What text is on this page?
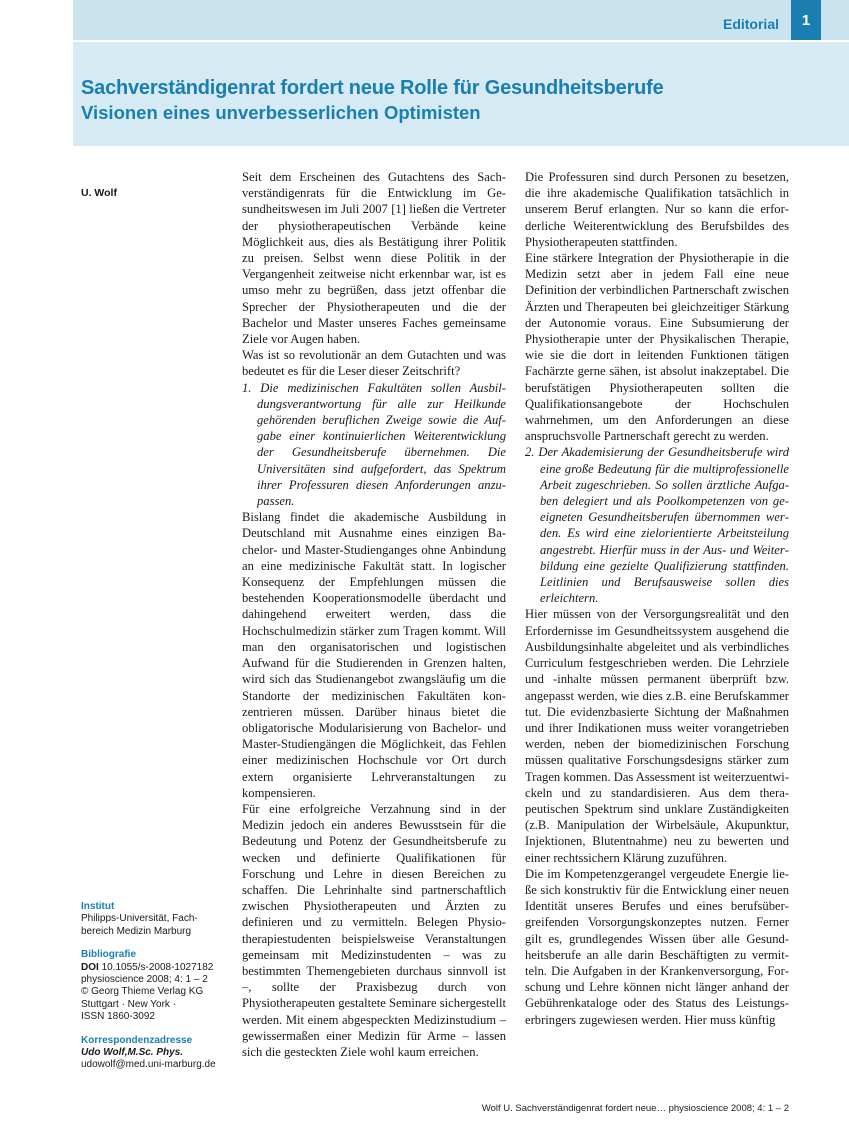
Editorial	1
Sachverständigenrat fordert neue Rolle für Gesundheitsberufe
Visionen eines unverbesserlichen Optimisten
U. Wolf
Institut
Philipps-Universität, Fach-
bereich Medizin Marburg
Bibliografie
DOI 10.1055/s-2008-1027182
physioscience 2008; 4: 1 – 2
© Georg Thieme Verlag KG
Stuttgart · New York ·
ISSN 1860-3092
Korrespondenzadresse
Udo Wolf,M.Sc. Phys.
udowolf@med.uni-marburg.de

Seit dem Erscheinen des Gutachtens des Sachverständigenrats für die Entwicklung im Gesundheitswesen im Juli 2007 [1] ließen die Vertreter der physiotherapeutischen Verbände keine Möglichkeit aus, dies als Bestätigung ihrer Politik zu preisen. Selbst wenn diese Politik in der Vergangenheit zeitweise nicht erkennbar war, ist es umso mehr zu begrüßen, dass jetzt offenbar die Sprecher der Physiotherapeuten und die der Bachelor und Master unseres Faches gemeinsame Ziele vor Augen haben.

Was ist so revolutionär an dem Gutachten und was bedeutet es für die Leser dieser Zeitschrift?

1. Die medizinischen Fakultäten sollen Ausbildungsverantwortung für alle zur Heilkunde gehörenden beruflichen Zweige sowie die Aufgabe einer kontinuierlichen Weiterentwicklung der Gesundheitsberufe übernehmen. Die Universitäten sind aufgefordert, das Spektrum ihrer Professuren diesen Anforderungen anzupassen.

Bislang findet die akademische Ausbildung in Deutschland mit Ausnahme eines einzigen Bachelor- und Master-Studienganges ohne Anbindung an eine medizinische Fakultät statt. In logischer Konsequenz der Empfehlungen müssen die bestehenden Kooperationsmodelle überdacht und dahingehend erweitert werden, dass die Hochschulmedizin stärker zum Tragen kommt. Will man den organisatorischen und logistischen Aufwand für die Studierenden in Grenzen halten, wird sich das Studienangebot zwangsläufig um die Standorte der medizinischen Fakultäten konzentrieren müssen. Darüber hinaus bietet die obligatorische Modularisierung von Bachelor- und Master-Studiengängen die Möglichkeit, das Fehlen einer medizinischen Hochschule vor Ort durch extern organisierte Lehrveranstaltungen zu kompensieren.

Für eine erfolgreiche Verzahnung sind in der Medizin jedoch ein anderes Bewusstsein für die Bedeutung und Potenz der Gesundheitsberufe zu wecken und definierte Qualifikationen für Forschung und Lehre in diesen Bereichen zu schaffen. Die Lehrinhalte sind partnerschaftlich zwischen Physiotherapeuten und Ärzten zu definieren und zu vermitteln. Belegen Physiotherapiestudenten beispielsweise Veranstaltungen gemeinsam mit Medizinstudenten – was zu bestimmten Themengebieten durchaus sinnvoll ist –, sollte der Praxisbezug durch von Physiotherapeuten gestaltete Seminare sichergestellt werden. Mit einem abgespeckten Medizinstudium – gewissermaßen einer Medizin für Arme – lassen sich die gesteckten Ziele wohl kaum erreichen.

Die Professuren sind durch Personen zu besetzen, die ihre akademische Qualifikation tatsächlich in unserem Beruf erlangten. Nur so kann die erforderliche Weiterentwicklung des Berufsbildes des Physiotherapeuten stattfinden.

Eine stärkere Integration der Physiotherapie in die Medizin setzt aber in jedem Fall eine neue Definition der verbindlichen Partnerschaft zwischen Ärzten und Therapeuten bei gleichzeitiger Stärkung der Autonomie voraus. Eine Subsumierung der Physiotherapie unter der Physikalischen Therapie, wie sie die dort in leitenden Funktionen tätigen Fachärzte gerne sähen, ist absolut inakzeptabel. Die berufstätigen Physiotherapeuten sollten die Qualifikationsangebote der Hochschulen wahrnehmen, um den Anforderungen an diese anspruchsvolle Partnerschaft gerecht zu werden.

2. Der Akademisierung der Gesundheitsberufe wird eine große Bedeutung für die multiprofessionelle Arbeit zugeschrieben. So sollen ärztliche Aufgaben delegiert und als Poolkompetenzen von geeigneten Gesundheitsberufen übernommen werden. Es wird eine zielorientierte Arbeitsteilung angestrebt. Hierfür muss in der Aus- und Weiterbildung eine gezielte Qualifizierung stattfinden. Leitlinien und Berufsausweise sollen dies erleichtern.

Hier müssen von der Versorgungsrealität und den Erfordernisse im Gesundheitssystem ausgehend die Ausbildungsinhalte abgeleitet und als verbindliches Curriculum festgeschrieben werden. Die Lehrziele und -inhalte müssen permanent überprüft bzw. angepasst werden, wie dies z.B. eine Berufskammer tut. Die evidenzbasierte Sichtung der Maßnahmen und ihrer Indikationen muss weiter vorangetrieben werden, neben der biomedizinischen Forschung müssen qualitative Forschungsdesigns stärker zum Tragen kommen. Das Assessment ist weiterzuentwickeln und zu standardisieren. Aus dem therapeutischen Spektrum sind unklare Zuständigkeiten (z.B. Manipulation der Wirbelsäule, Akupunktur, Injektionen, Blutentnahme) neu zu bewerten und einer rechtssichern Klärung zuzuführen.

Die im Kompetenzgerangel vergeudete Energie ließe sich konstruktiv für die Entwicklung einer neuen Identität unseres Berufes und eines berufsübergreifenden Vorsorgungskonzeptes nutzen. Ferner gilt es, grundlegendes Wissen über alle Gesundheitsberufe an alle darin Beschäftigten zu vermitteln. Die Aufgaben in der Krankenversorgung, Forschung und Lehre können nicht länger anhand der Gebührenkataloge oder des Status des Leistungserbringers zugewiesen werden. Hier muss künftig

Wolf U. Sachverständigenrat fordert neue… physioscience 2008; 4: 1 – 2
